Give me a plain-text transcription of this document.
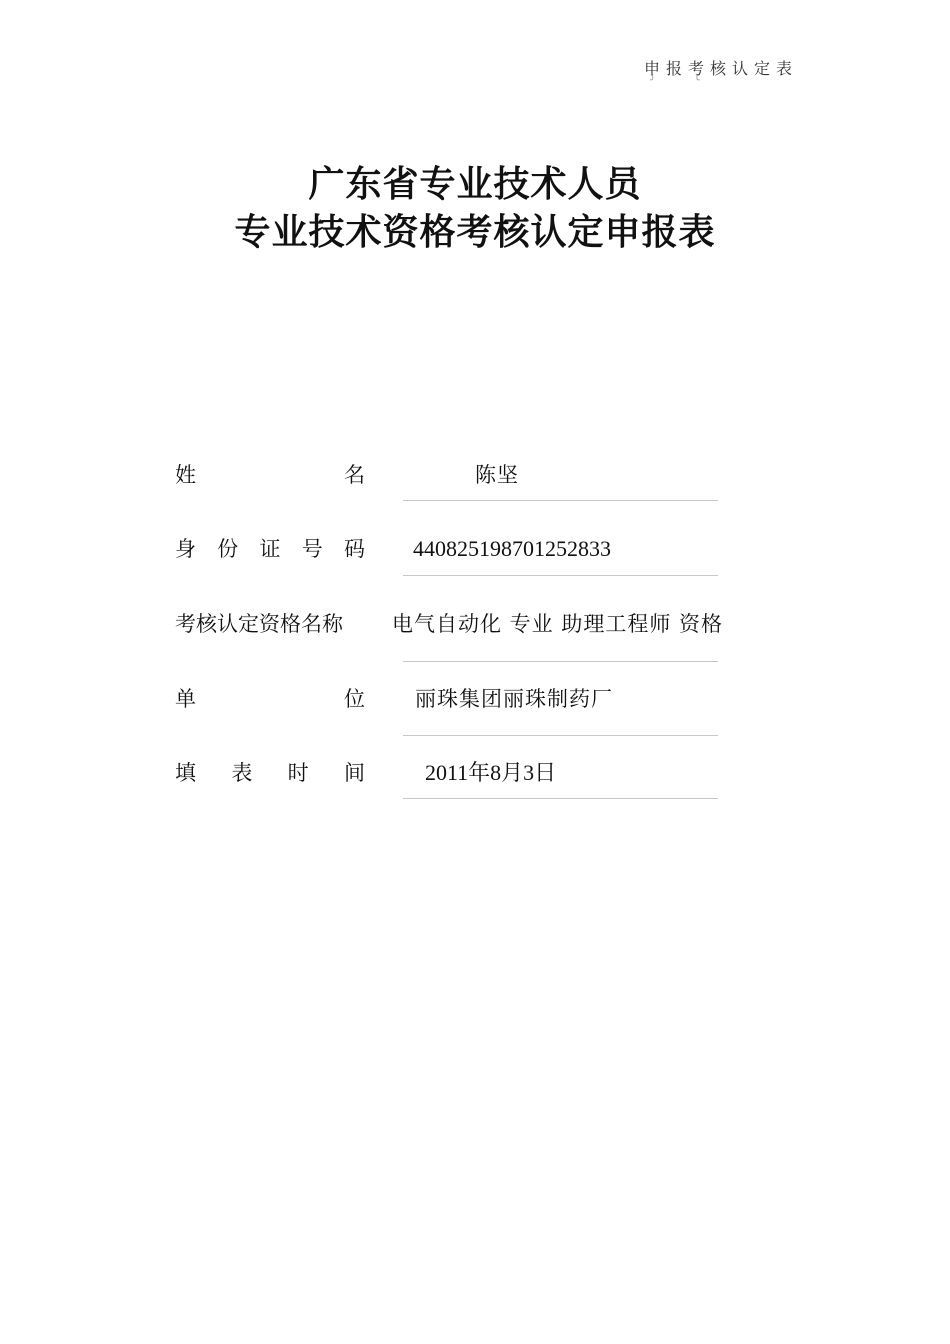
申报考核认定表
╯ ╰
广东省专业技术人员
专业技术资格考核认定申报表
姓	名	陈坚
身 份 证 号 码 440825198701252833
考核认定资格名称 电气自动化 专业 助理工程师 资格
单	位 丽珠集团丽珠制药厂
填 表 时 间	2011年8月3日
